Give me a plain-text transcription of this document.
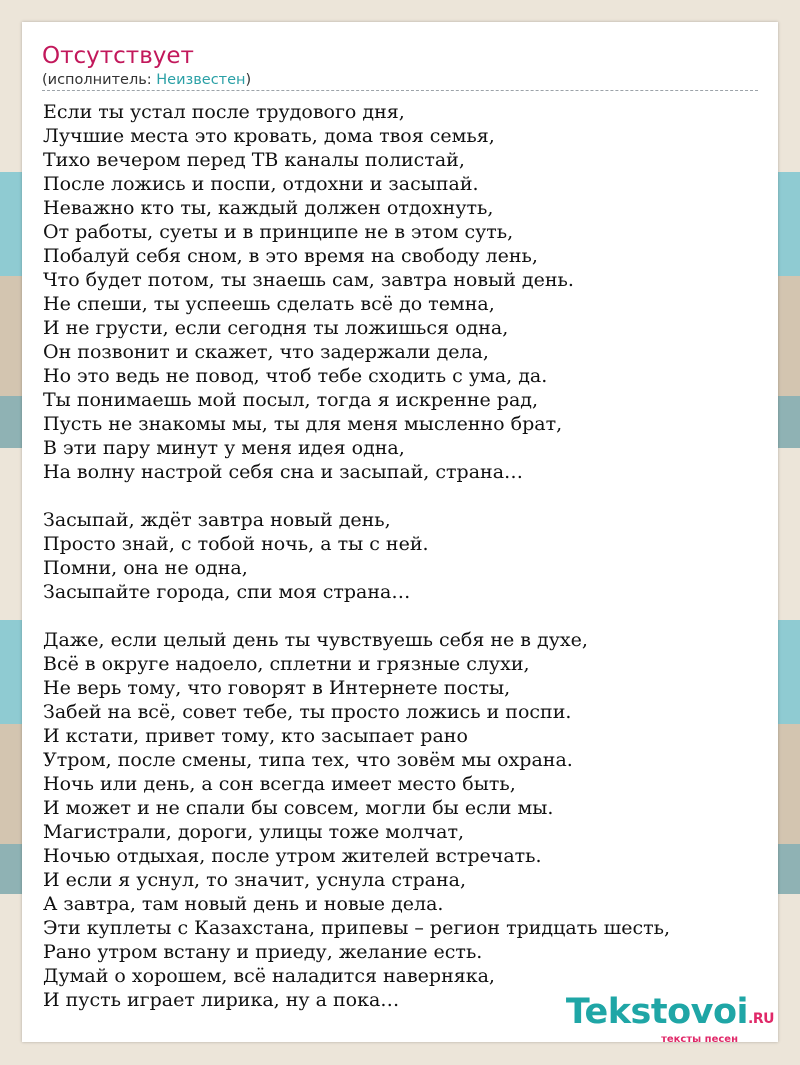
Отсутствует
(исполнитель: Неизвестен)
Если ты устал после трудового дня,
Лучшие места это кровать, дома твоя семья,
Тихо вечером перед ТВ каналы полистай,
После ложись и поспи, отдохни и засыпай.
Неважно кто ты, каждый должен отдохнуть,
От работы, суеты и в принципе не в этом суть,
Побалуй себя сном, в это время на свободу лень,
Что будет потом, ты знаешь сам, завтра новый день.
Не спеши, ты успеешь сделать всё до темна,
И не грусти, если сегодня ты ложишься одна,
Он позвонит и скажет, что задержали дела,
Но это ведь не повод, чтоб тебе сходить с ума, да.
Ты понимаешь мой посыл, тогда я искренне рад,
Пусть не знакомы мы, ты для меня мысленно брат,
В эти пару минут у меня идея одна,
На волну настрой себя сна и засыпай, страна…

Засыпай, ждёт завтра новый день,
Просто знай, с тобой ночь, а ты с ней.
Помни, она не одна,
Засыпайте города, спи моя страна…

Даже, если целый день ты чувствуешь себя не в духе,
Всё в округе надоело, сплетни и грязные слухи,
Не верь тому, что говорят в Интернете посты,
Забей на всё, совет тебе, ты просто ложись и поспи.
И кстати, привет тому, кто засыпает рано
Утром, после смены, типа тех, что зовём мы охрана.
Ночь или день, а сон всегда имеет место быть,
И может и не спали бы совсем, могли бы если мы.
Магистрали, дороги, улицы тоже молчат,
Ночью отдыхая, после утром жителей встречать.
И если я уснул, то значит, уснула страна,
А завтра, там новый день и новые дела.
Эти куплеты с Казахстана, припевы – регион тридцать шесть,
Рано утром встану и приеду, желание есть.
Думай о хорошем, всё наладится наверняка,
И пусть играет лирика, ну а пока…	Tekstovoi.RU
тексты песен
